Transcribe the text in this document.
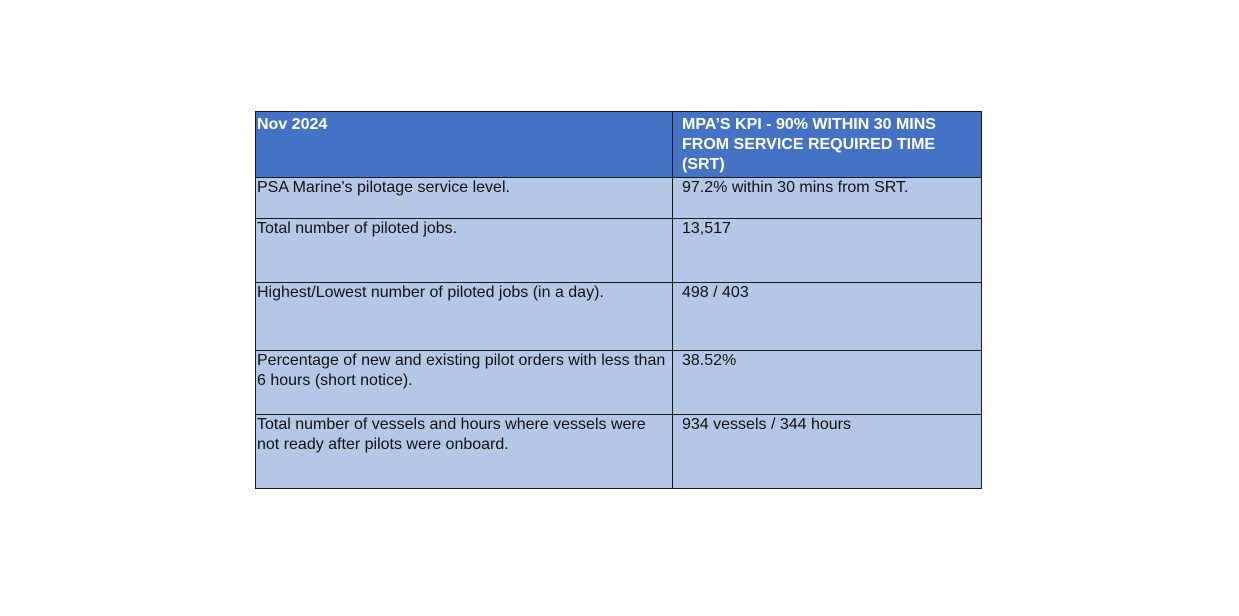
Nov 2024	MPA’S KPI - 90% WITHIN 30 MINS FROM SERVICE REQUIRED TIME (SRT)
PSA Marine's pilotage service level.	97.2% within 30 mins from SRT.
Total number of piloted jobs.	13,517
Highest/Lowest number of piloted jobs (in a day).	498 / 403
Percentage of new and existing pilot orders with less than 6 hours (short notice).	38.52%
Total number of vessels and hours where vessels were not ready after pilots were onboard.	934 vessels / 344 hours
